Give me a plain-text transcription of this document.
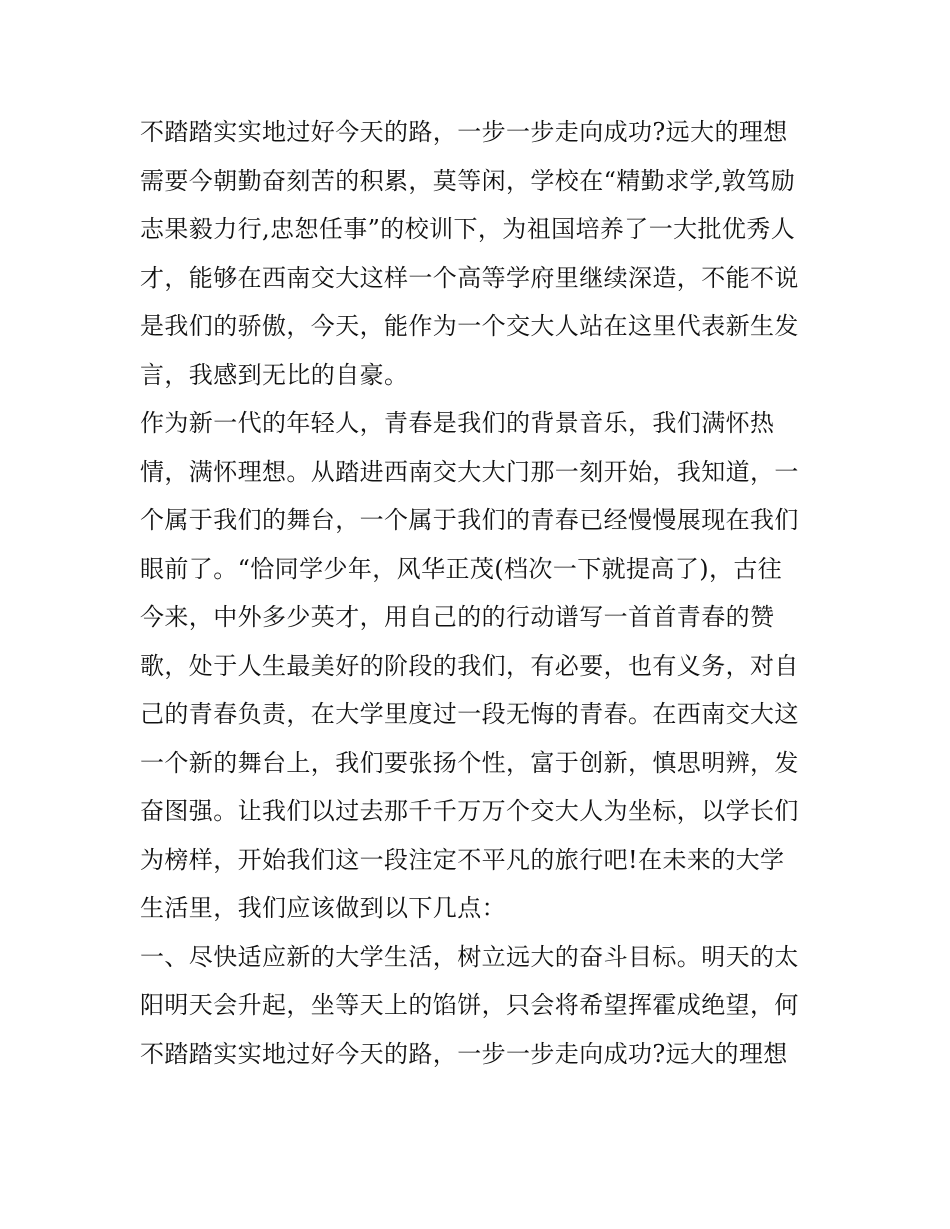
不踏踏实实地过好今天的路，一步一步走向成功?远大的理想
需要今朝勤奋刻苦的积累，莫等闲，学校在“精勤求学,敦笃励
志果毅力行,忠恕任事”的校训下，为祖国培养了一大批优秀人
才，能够在西南交大这样一个高等学府里继续深造，不能不说
是我们的骄傲，今天，能作为一个交大人站在这里代表新生发
言，我感到无比的自豪。
作为新一代的年轻人，青春是我们的背景音乐，我们满怀热
情，满怀理想。从踏进西南交大大门那一刻开始，我知道，一
个属于我们的舞台，一个属于我们的青春已经慢慢展现在我们
眼前了。“恰同学少年，风华正茂(档次一下就提高了)，古往
今来，中外多少英才，用自己的的行动谱写一首首青春的赞
歌，处于人生最美好的阶段的我们，有必要，也有义务，对自
己的青春负责，在大学里度过一段无悔的青春。在西南交大这
一个新的舞台上，我们要张扬个性，富于创新，慎思明辨，发
奋图强。让我们以过去那千千万万个交大人为坐标，以学长们
为榜样，开始我们这一段注定不平凡的旅行吧!在未来的大学
生活里，我们应该做到以下几点：
一、尽快适应新的大学生活，树立远大的奋斗目标。明天的太
阳明天会升起，坐等天上的馅饼，只会将希望挥霍成绝望，何
不踏踏实实地过好今天的路，一步一步走向成功?远大的理想
